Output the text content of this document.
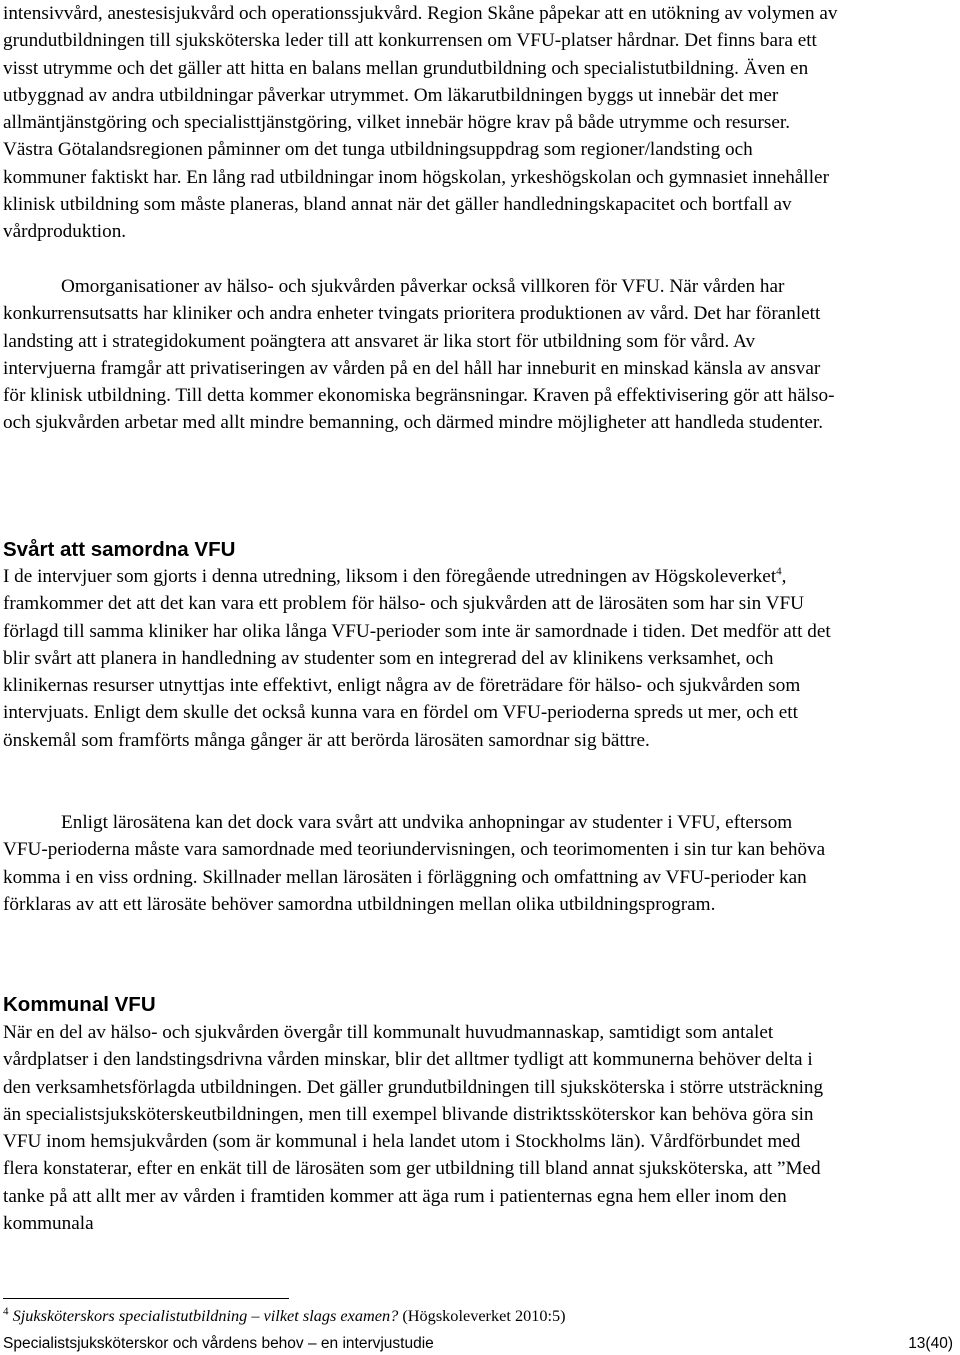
intensivvård, anestesisjukvård och operationssjukvård. Region Skåne påpekar att en utökning av volymen av grundutbildningen till sjuksköterska leder till att konkurrensen om VFU-platser hårdnar. Det finns bara ett visst utrymme och det gäller att hitta en balans mellan grundutbildning och specialistutbildning. Även en utbyggnad av andra utbildningar påverkar utrymmet. Om läkarutbildningen byggs ut innebär det mer allmäntjänstgöring och specialisttjänstgöring, vilket innebär högre krav på både utrymme och resurser. Västra Götalandsregionen påminner om det tunga utbildningsuppdrag som regioner/landsting och kommuner faktiskt har. En lång rad utbildningar inom högskolan, yrkeshögskolan och gymnasiet innehåller klinisk utbildning som måste planeras, bland annat när det gäller handledningskapacitet och bortfall av vårdproduktion.

Omorganisationer av hälso- och sjukvården påverkar också villkoren för VFU. När vården har konkurrensutsatts har kliniker och andra enheter tvingats prioritera produktionen av vård. Det har föranlett landsting att i strategidokument poängtera att ansvaret är lika stort för utbildning som för vård. Av intervjuerna framgår att privatiseringen av vården på en del håll har inneburit en minskad känsla av ansvar för klinisk utbildning. Till detta kommer ekonomiska begränsningar. Kraven på effektivisering gör att hälso- och sjukvården arbetar med allt mindre bemanning, och därmed mindre möjligheter att handleda studenter.

Svårt att samordna VFU

I de intervjuer som gjorts i denna utredning, liksom i den föregående utredningen av Högskoleverket$^4$, framkommer det att det kan vara ett problem för hälso- och sjukvården att de lärosäten som har sin VFU förlagd till samma kliniker har olika långa VFU-perioder som inte är samordnade i tiden. Det medför att det blir svårt att planera in handledning av studenter som en integrerad del av klinikens verksamhet, och klinikernas resurser utnyttjas inte effektivt, enligt några av de företrädare för hälso- och sjukvården som intervjuats. Enligt dem skulle det också kunna vara en fördel om VFU-perioderna spreds ut mer, och ett önskemål som framförts många gånger är att berörda lärosäten samordnar sig bättre.

Enligt lärosätena kan det dock vara svårt att undvika anhopningar av studenter i VFU, eftersom VFU-perioderna måste vara samordnade med teoriundervisningen, och teorimomenten i sin tur kan behöva komma i en viss ordning. Skillnader mellan lärosäten i förläggning och omfattning av VFU-perioder kan förklaras av att ett lärosäte behöver samordna utbildningen mellan olika utbildningsprogram.

Kommunal VFU

När en del av hälso- och sjukvården övergår till kommunalt huvudmannaskap, samtidigt som antalet vårdplatser i den landstingsdrivna vården minskar, blir det alltmer tydligt att kommunerna behöver delta i den verksamhetsförlagda utbildningen. Det gäller grundutbildningen till sjuksköterska i större utsträckning än specialistsjuksköterskeutbildningen, men till exempel blivande distriktssköterskor kan behöva göra sin VFU inom hemsjukvården (som är kommunal i hela landet utom i Stockholms län). Vårdförbundet med flera konstaterar, efter en enkät till de lärosäten som ger utbildning till bland annat sjuksköterska, att ”Med tanke på att allt mer av vården i framtiden kommer att äga rum i patienternas egna hem eller inom den kommunala

$^4$ Sjuksköterskors specialistutbildning – vilket slags examen? (Högskoleverket 2010:5)

Specialistsjuksköterskor och vårdens behov – en intervjustudie	13(40)
